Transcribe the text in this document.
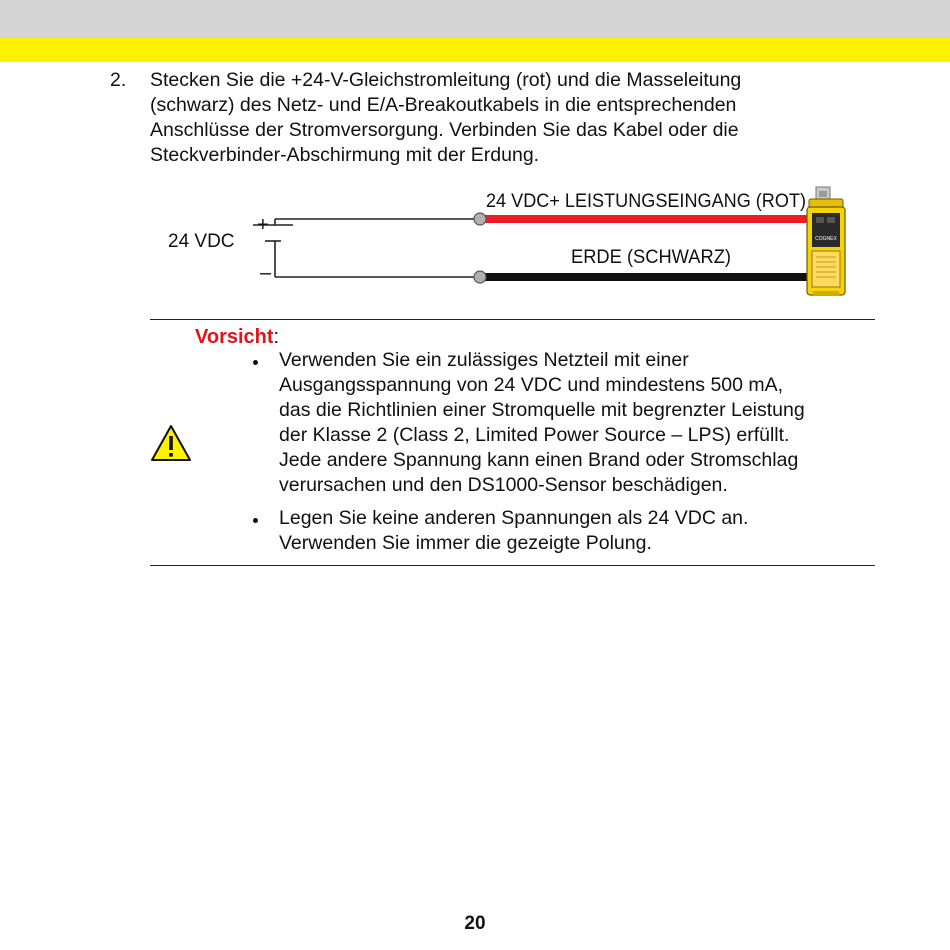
2. Stecken Sie die +24-V-Gleichstromleitung (rot) und die Masseleitung
(schwarz) des Netz- und E/A-Breakoutkabels in die entsprechenden
Anschlüsse der Stromversorgung. Verbinden Sie das Kabel oder die
Steckverbinder-Abschirmung mit der Erdung.
24 VDC
+
–
24 VDC+ LEISTUNGSEINGANG (ROT)
ERDE (SCHWARZ)
COGNEX
Vorsicht:
Verwenden Sie ein zulässiges Netzteil mit einer
Ausgangsspannung von 24 VDC und mindestens 500 mA,
das die Richtlinien einer Stromquelle mit begrenzter Leistung
der Klasse 2 (Class 2, Limited Power Source – LPS) erfüllt.
Jede andere Spannung kann einen Brand oder Stromschlag
verursachen und den DS1000-Sensor beschädigen.
Legen Sie keine anderen Spannungen als 24 VDC an.
Verwenden Sie immer die gezeigte Polung.
20
